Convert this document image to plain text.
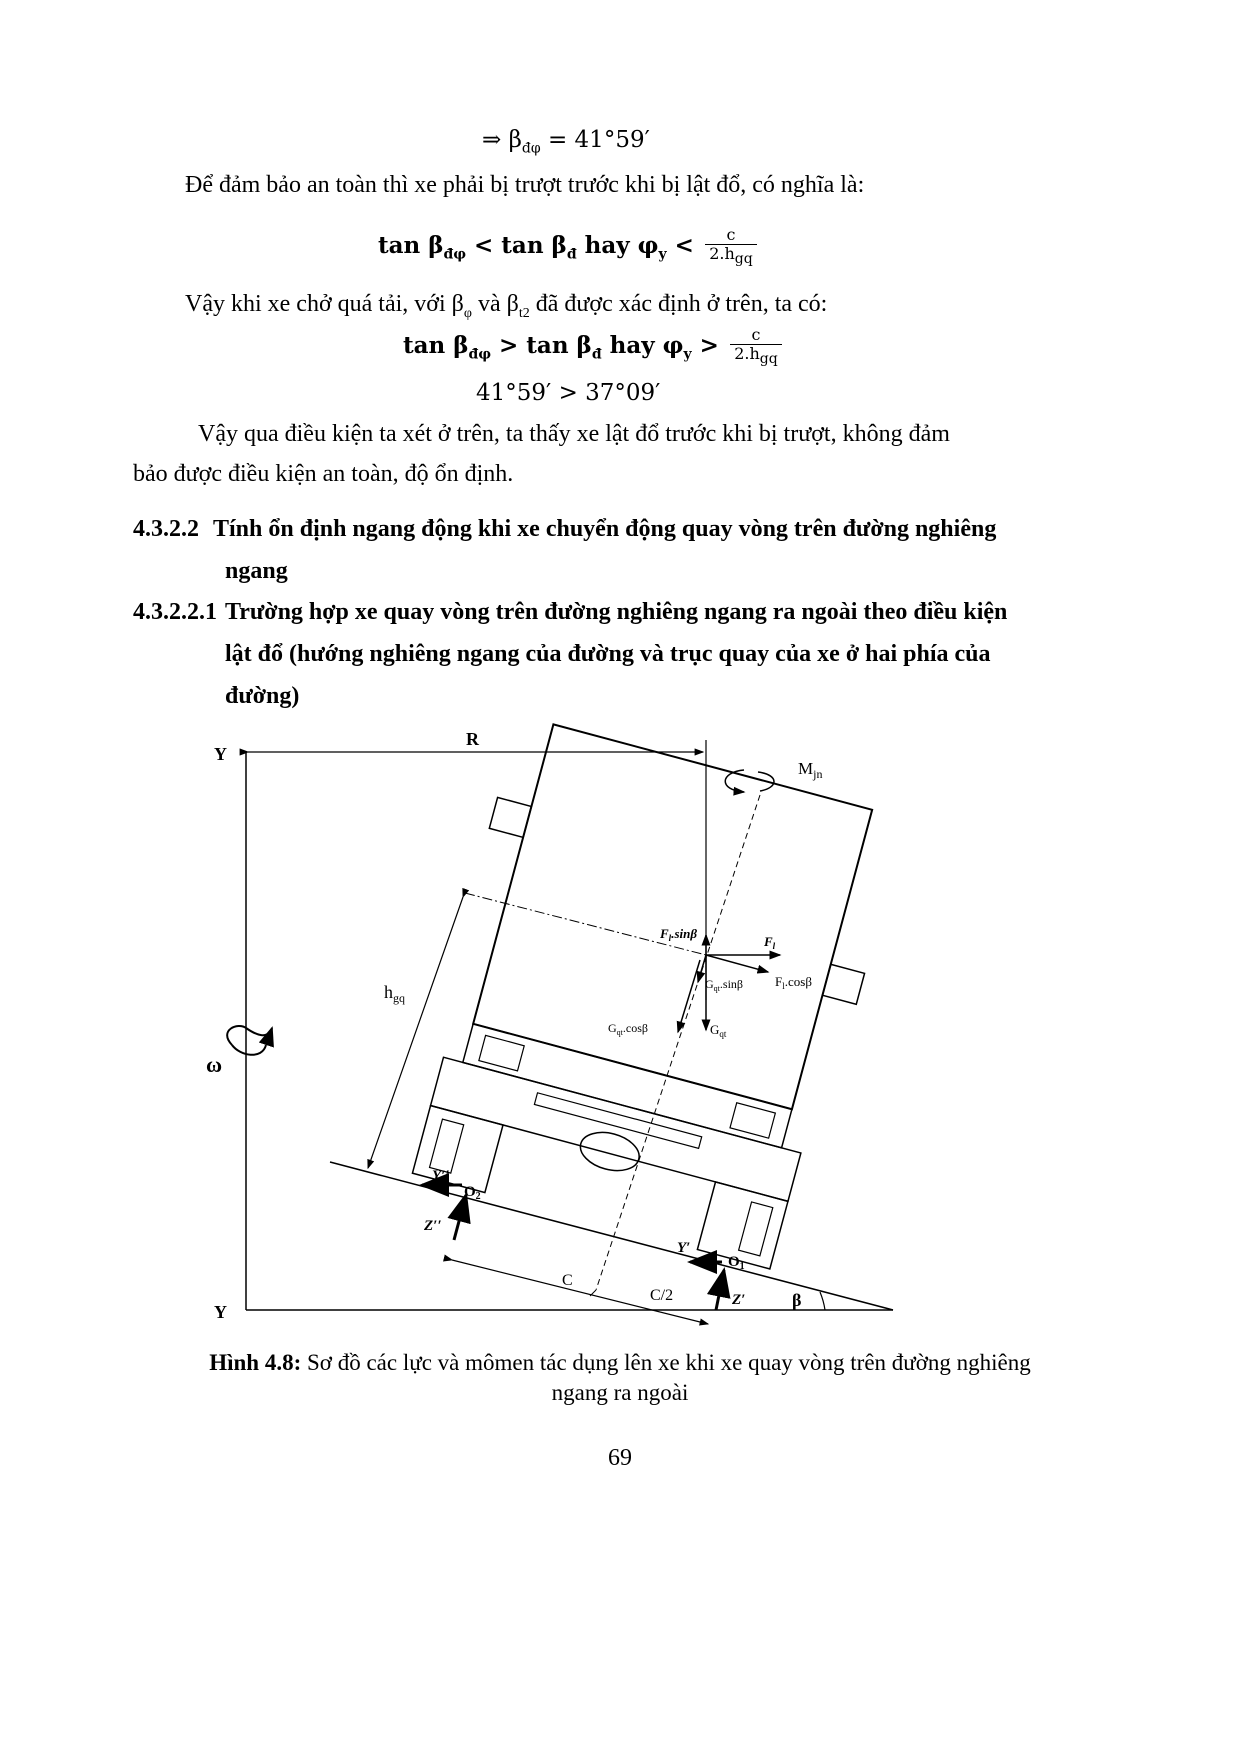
⇒ $\beta_{đ\varphi} = 41^\circ 59'$
Để đảm bảo an toàn thì xe phải bị trượt trước khi bị lật đổ, có nghĩa là:
$\tan \beta_{đ\varphi} < \tan \beta_đ$ hay $\varphi_y < \frac{c}{2.h_{gq}}$
Vậy khi xe chở quá tải, với $\beta_\varphi$ và $\beta_{t2}$ đã được xác định ở trên, ta có:
$\tan \beta_{đ\varphi} > \tan \beta_đ$ hay $\varphi_y > \frac{c}{2.h_{gq}}$
41°59′ > 37°09′
Vậy qua điều kiện ta xét ở trên, ta thấy xe lật đổ trước khi bị trượt, không đảm
bảo được điều kiện an toàn, độ ổn định.
4.3.2.2 Tính ổn định ngang động khi xe chuyển động quay vòng trên đường nghiêng
ngang
4.3.2.2.1 Trường hợp xe quay vòng trên đường nghiêng ngang ra ngoài theo điều kiện
lật đổ (hướng nghiêng ngang của đường và trục quay của xe ở hai phía của
đường)
Y
Y
R
$M_{jn}$
$h_{gq}$
ω
$F_l.\sin\beta$
$F_l$
$G_{qt}.\sin\beta$ $F_l.\cos\beta$
$G_{qt}.\cos\beta$	$G_{qt}$
Y′′
$O_2$
Z′′
Y′
$O_1$
Z′
C
C/2	β
Hình 4.8: Sơ đồ các lực và mômen tác dụng lên xe khi xe quay vòng trên đường nghiêng
ngang ra ngoài
69
